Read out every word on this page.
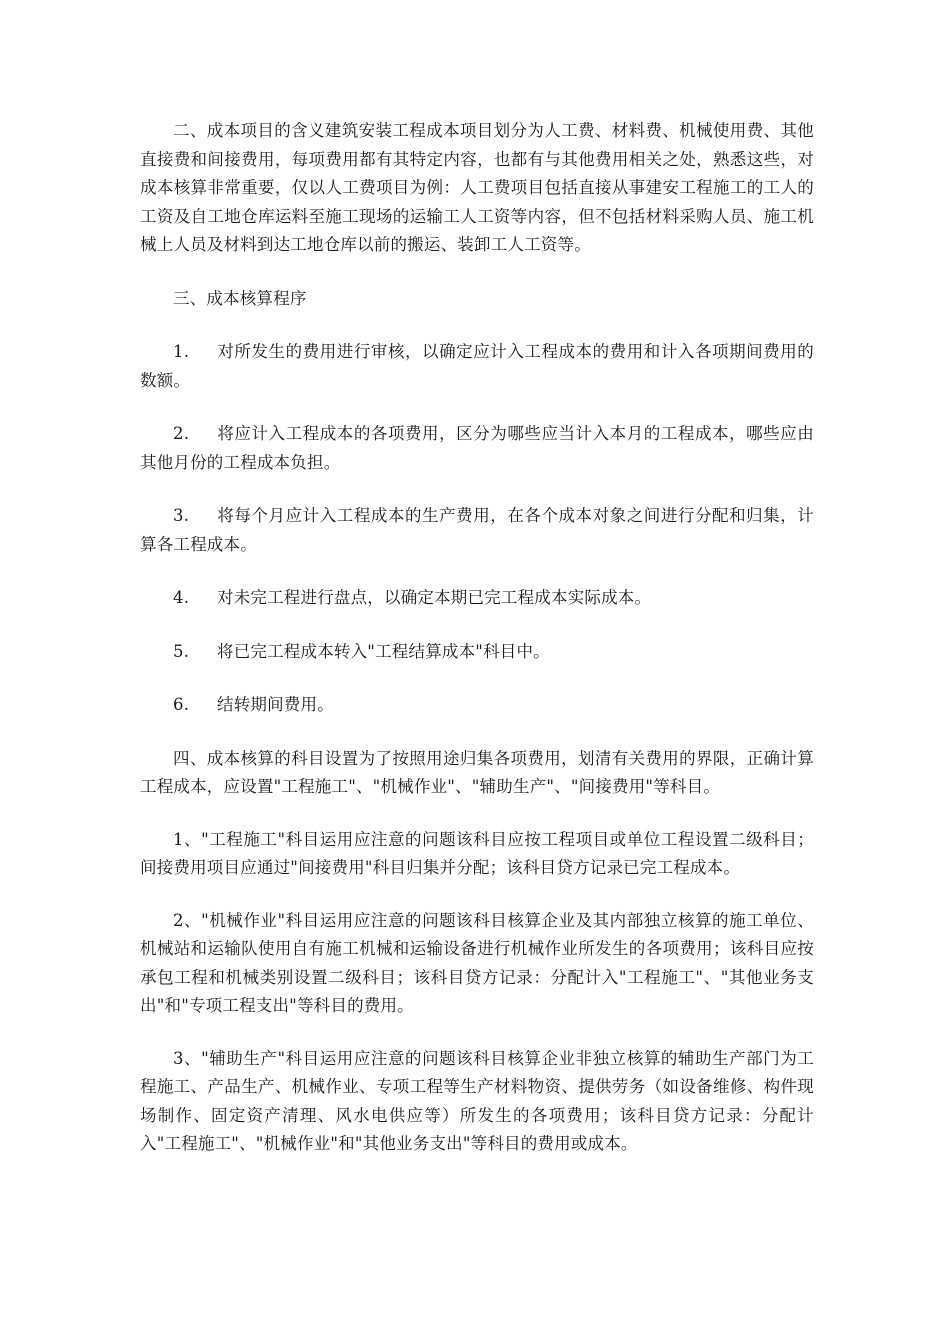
二、成本项目的含义建筑安装工程成本项目划分为人工费、材料费、机械使用费、其他直接费和间接费用，每项费用都有其特定内容，也都有与其他费用相关之处，熟悉这些，对成本核算非常重要，仅以人工费项目为例：人工费项目包括直接从事建安工程施工的工人的工资及自工地仓库运料至施工现场的运输工人工资等内容，但不包括材料采购人员、施工机械上人员及材料到达工地仓库以前的搬运、装卸工人工资等。

三、成本核算程序

1. 对所发生的费用进行审核，以确定应计入工程成本的费用和计入各项期间费用的数额。

2. 将应计入工程成本的各项费用，区分为哪些应当计入本月的工程成本，哪些应由其他月份的工程成本负担。

3. 将每个月应计入工程成本的生产费用，在各个成本对象之间进行分配和归集，计算各工程成本。

4. 对未完工程进行盘点，以确定本期已完工程成本实际成本。

5. 将已完工程成本转入"工程结算成本"科目中。

6. 结转期间费用。

四、成本核算的科目设置为了按照用途归集各项费用，划清有关费用的界限，正确计算工程成本，应设置"工程施工"、"机械作业"、"辅助生产"、"间接费用"等科目。

1、"工程施工"科目运用应注意的问题该科目应按工程项目或单位工程设置二级科目；间接费用项目应通过"间接费用"科目归集并分配；该科目贷方记录已完工程成本。

2、"机械作业"科目运用应注意的问题该科目核算企业及其内部独立核算的施工单位、机械站和运输队使用自有施工机械和运输设备进行机械作业所发生的各项费用；该科目应按承包工程和机械类别设置二级科目；该科目贷方记录：分配计入"工程施工"、"其他业务支出"和"专项工程支出"等科目的费用。

3、"辅助生产"科目运用应注意的问题该科目核算企业非独立核算的辅助生产部门为工程施工、产品生产、机械作业、专项工程等生产材料物资、提供劳务（如设备维修、构件现场制作、固定资产清理、风水电供应等）所发生的各项费用；该科目贷方记录：分配计入"工程施工"、"机械作业"和"其他业务支出"等科目的费用或成本。
